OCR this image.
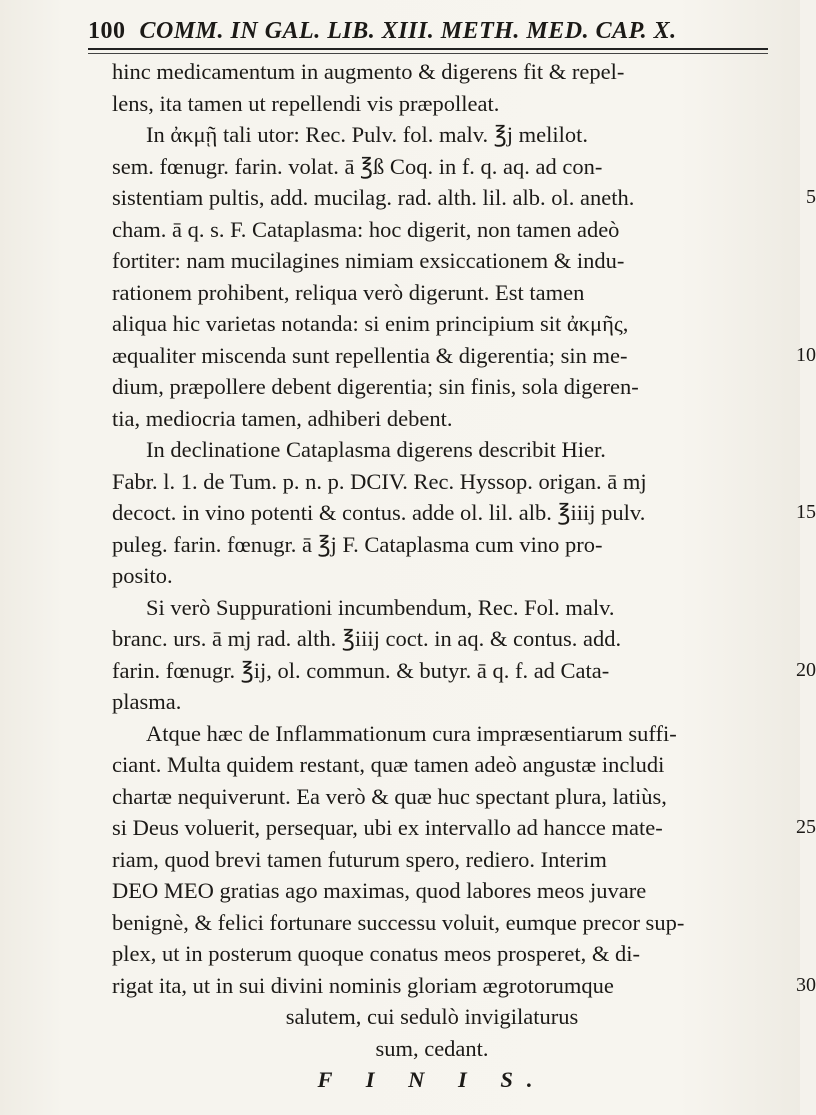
100 COMM. IN GAL. LIB. XIII. METH. MED. CAP. X.
hinc medicamentum in augmento & digerens fit & repel-
lens, ita tamen ut repellendi vis præpolleat.
In ἀκμῇ tali utor: Rec. Pulv. fol. malv. ℥j melilot.
sem. fœnugr. farin. volat. ā ℥ß Coq. in f. q. aq. ad con-
sistentiam pultis, add. mucilag. rad. alth. lil. alb. ol. aneth.	5
cham. ā q. s. F. Cataplasma: hoc digerit, non tamen adeò
fortiter: nam mucilagines nimiam exsiccationem & indu-
rationem prohibent, reliqua verò digerunt. Est tamen
aliqua hic varietas notanda: si enim principium sit ἀκμῆς,
æqualiter miscenda sunt repellentia & digerentia; sin me-	10
dium, præpollere debent digerentia; sin finis, sola digeren-
tia, mediocria tamen, adhiberi debent.
In declinatione Cataplasma digerens describit Hier.
Fabr. l. 1. de Tum. p. n. p. DCIV. Rec. Hyssop. origan. ā mj
decoct. in vino potenti & contus. adde ol. lil. alb. ℥iiij pulv.	15
puleg. farin. fœnugr. ā ℥j F. Cataplasma cum vino pro-
posito.
Si verò Suppurationi incumbendum, Rec. Fol. malv.
branc. urs. ā mj rad. alth. ℥iiij coct. in aq. & contus. add.
farin. fœnugr. ℥ij, ol. commun. & butyr. ā q. f. ad Cata-	20
plasma.
Atque hæc de Inflammationum cura impræsentiarum suffi-
ciant. Multa quidem restant, quæ tamen adeò angustæ includi
chartæ nequiverunt. Ea verò & quæ huc spectant plura, latiùs,
si Deus voluerit, persequar, ubi ex intervallo ad hancce mate-	25
riam, quod brevi tamen futurum spero, rediero. Interim
DEO MEO gratias ago maximas, quod labores meos juvare
benignè, & felici fortunare successu voluit, eumque precor sup-
plex, ut in posterum quoque conatus meos prosperet, & di-
rigat ita, ut in sui divini nominis gloriam ægrotorumque	30
salutem, cui sedulò invigilaturus
sum, cedant.
F I N I S.
